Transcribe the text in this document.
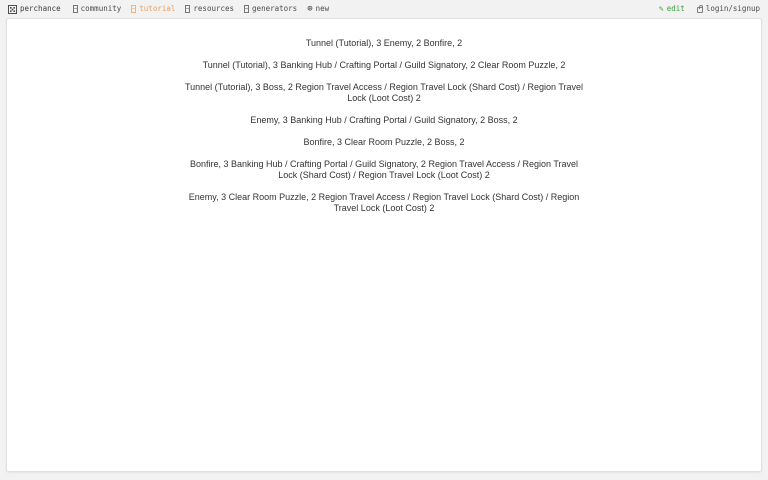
perchance	community tutorial resources generators ⊕ new	✎ edit	login/signup

Tunnel (Tutorial), 3 Enemy, 2 Bonfire, 2

Tunnel (Tutorial), 3 Banking Hub / Crafting Portal / Guild Signatory, 2 Clear Room Puzzle, 2

Tunnel (Tutorial), 3 Boss, 2 Region Travel Access / Region Travel Lock (Shard Cost) / Region Travel Lock (Loot Cost) 2

Enemy, 3 Banking Hub / Crafting Portal / Guild Signatory, 2 Boss, 2

Bonfire, 3 Clear Room Puzzle, 2 Boss, 2

Bonfire, 3 Banking Hub / Crafting Portal / Guild Signatory, 2 Region Travel Access / Region Travel Lock (Shard Cost) / Region Travel Lock (Loot Cost) 2

Enemy, 3 Clear Room Puzzle, 2 Region Travel Access / Region Travel Lock (Shard Cost) / Region Travel Lock (Loot Cost) 2
